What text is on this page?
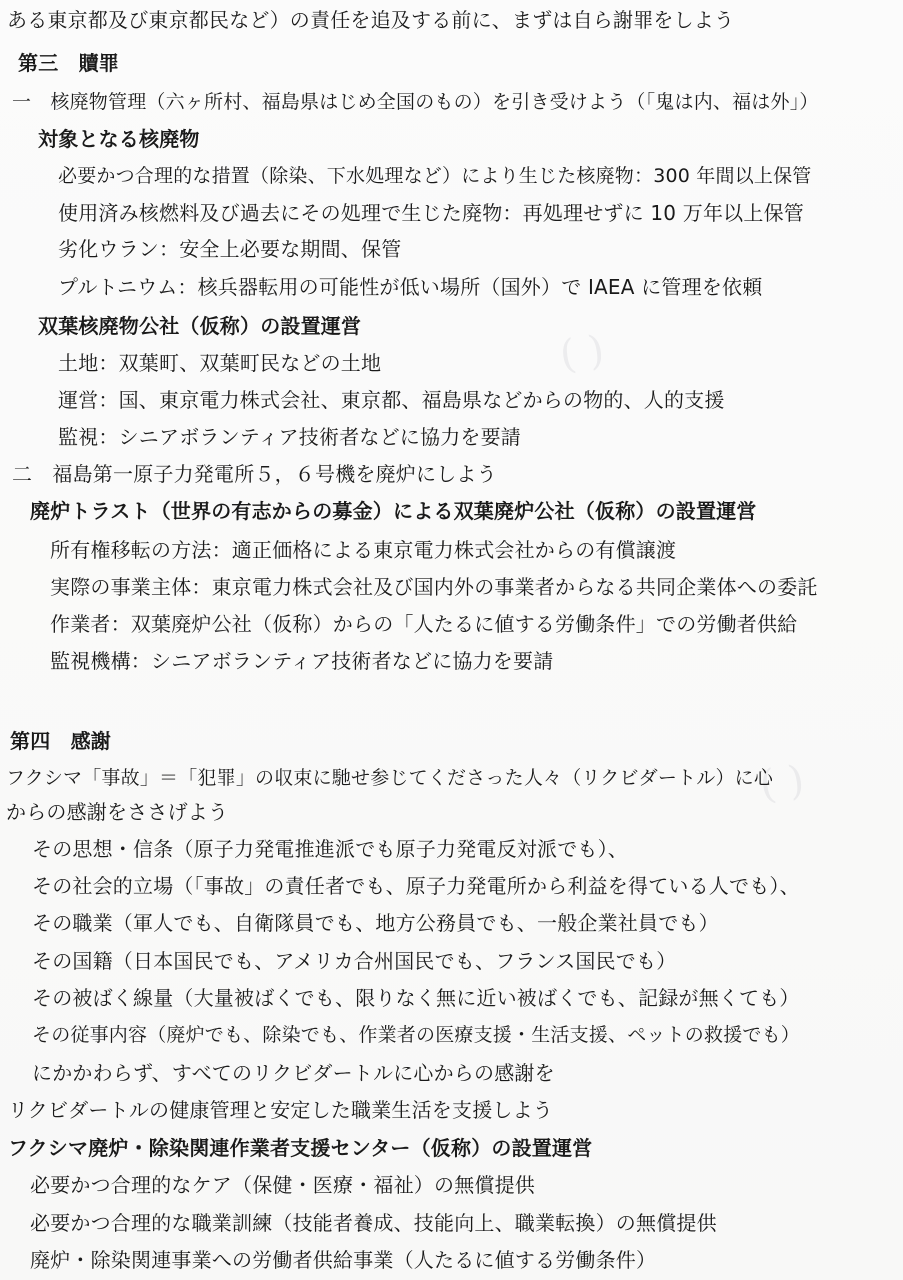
( )
( )
ある東京都及び東京都民など）の責任を追及する前に、まずは自ら謝罪をしよう
第三　贖罪
一　核廃物管理（六ヶ所村、福島県はじめ全国のもの）を引き受けよう（「鬼は内、福は外」）
対象となる核廃物
必要かつ合理的な措置（除染、下水処理など）により生じた核廃物：300 年間以上保管
使用済み核燃料及び過去にその処理で生じた廃物：再処理せずに 10 万年以上保管
劣化ウラン：安全上必要な期間、保管
プルトニウム：核兵器転用の可能性が低い場所（国外）で IAEA に管理を依頼
双葉核廃物公社（仮称）の設置運営
土地：双葉町、双葉町民などの土地
運営：国、東京電力株式会社、東京都、福島県などからの物的、人的支援
監視：シニアボランティア技術者などに協力を要請
二　福島第一原子力発電所５，６号機を廃炉にしよう
廃炉トラスト（世界の有志からの募金）による双葉廃炉公社（仮称）の設置運営
所有権移転の方法：適正価格による東京電力株式会社からの有償譲渡
実際の事業主体：東京電力株式会社及び国内外の事業者からなる共同企業体への委託
作業者：双葉廃炉公社（仮称）からの「人たるに値する労働条件」での労働者供給
監視機構：シニアボランティア技術者などに協力を要請
第四　感謝
フクシマ「事故」＝「犯罪」の収束に馳せ参じてくださった人々（リクビダートル）に心
からの感謝をささげよう
その思想・信条（原子力発電推進派でも原子力発電反対派でも）、
その社会的立場（「事故」の責任者でも、原子力発電所から利益を得ている人でも）、
その職業（軍人でも、自衛隊員でも、地方公務員でも、一般企業社員でも）
その国籍（日本国民でも、アメリカ合州国民でも、フランス国民でも）
その被ばく線量（大量被ばくでも、限りなく無に近い被ばくでも、記録が無くても）
その従事内容（廃炉でも、除染でも、作業者の医療支援・生活支援、ペットの救援でも）
にかかわらず、すべてのリクビダートルに心からの感謝を
リクビダートルの健康管理と安定した職業生活を支援しよう
フクシマ廃炉・除染関連作業者支援センター（仮称）の設置運営
必要かつ合理的なケア（保健・医療・福祉）の無償提供
必要かつ合理的な職業訓練（技能者養成、技能向上、職業転換）の無償提供
廃炉・除染関連事業への労働者供給事業（人たるに値する労働条件）
